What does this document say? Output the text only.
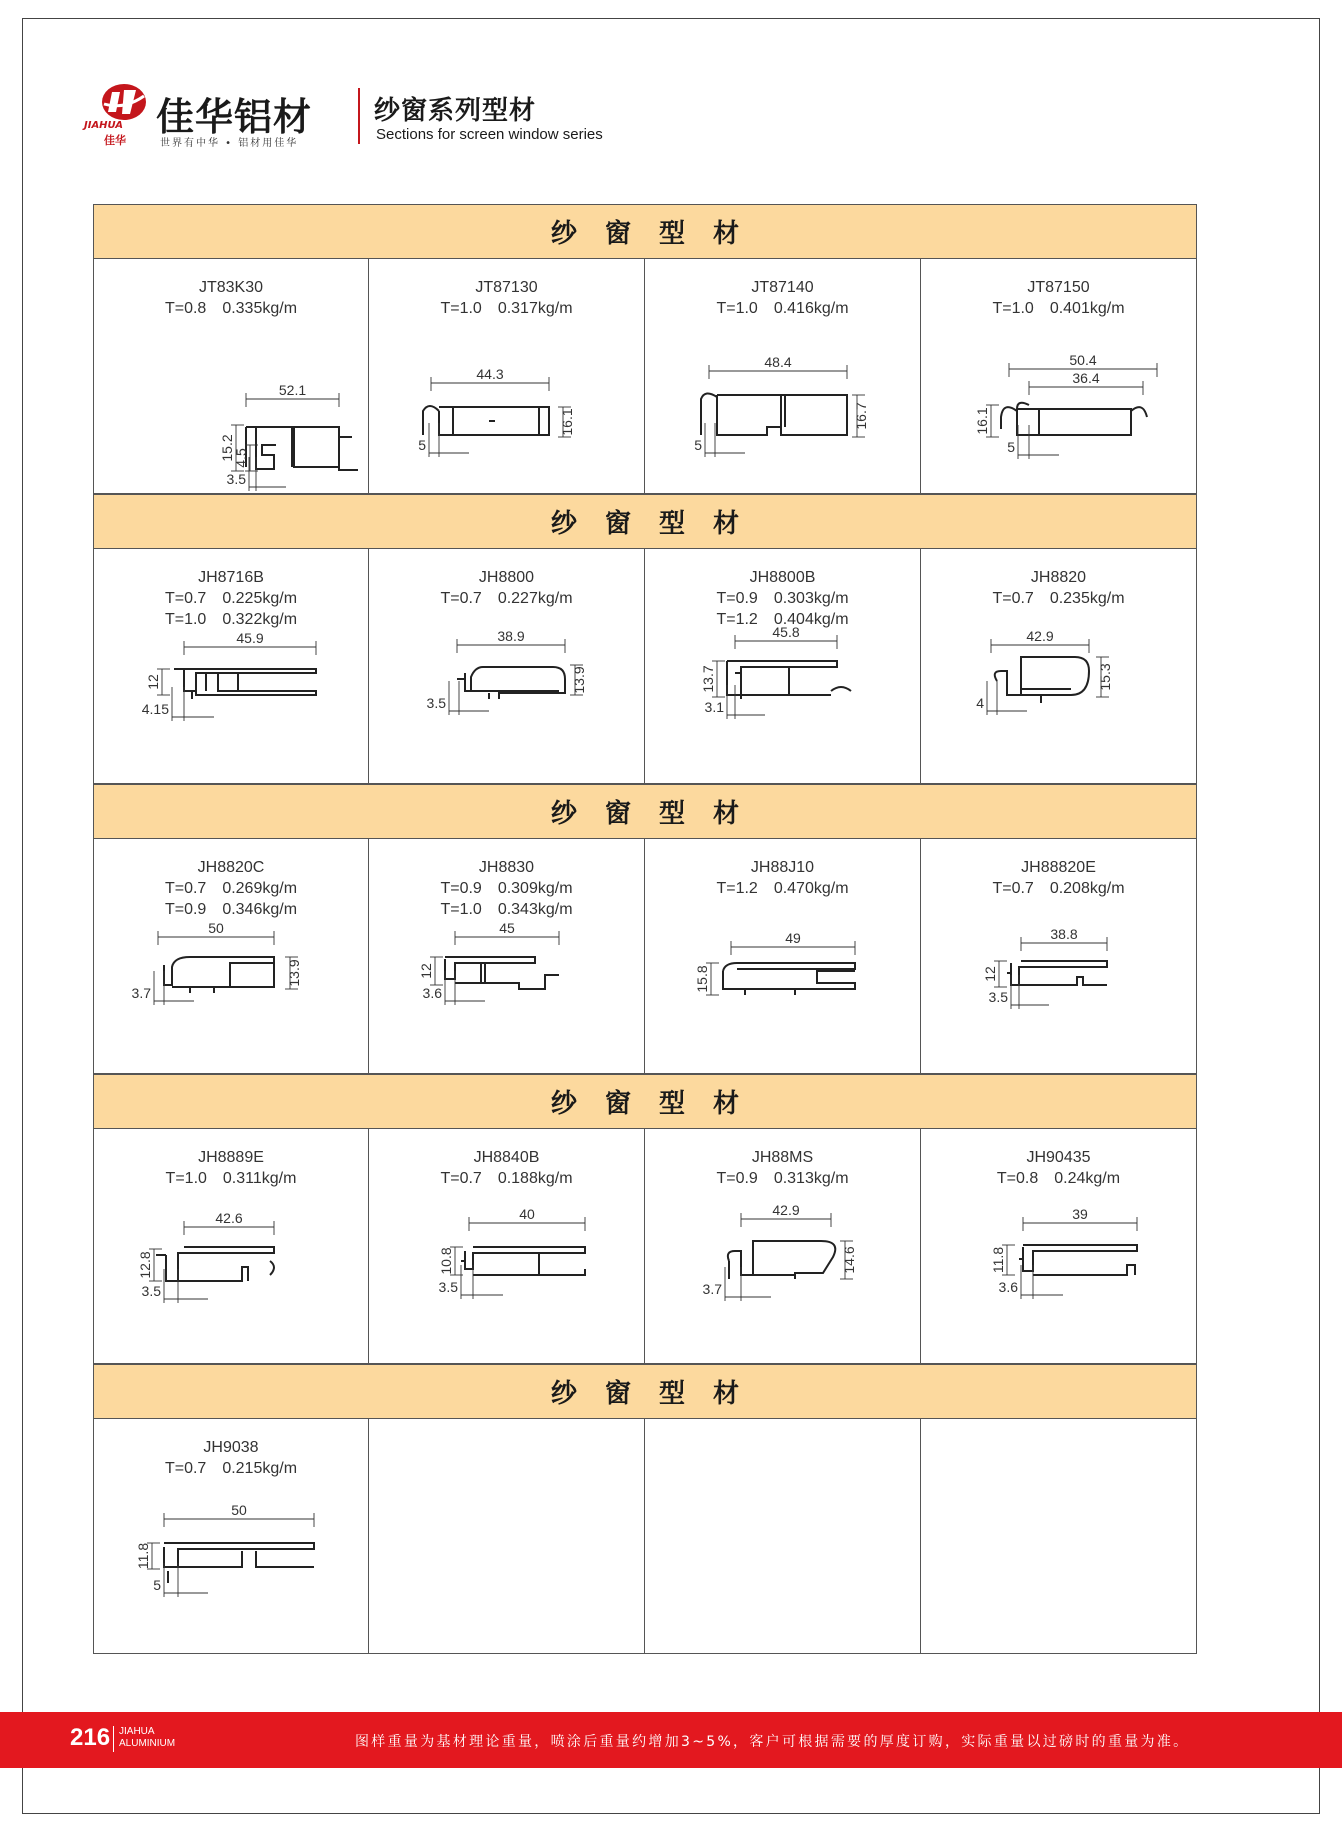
JIAHUA
佳华
佳华铝材
世界有中华 • 铝材用佳华
纱窗系列型材
Sections for screen window series
纱窗型材
JT83K30
T=0.8　0.335kg/m
52.1
15.2
4.5
3.5
JT87130
T=1.0　0.317kg/m
44.3
16.1
5
JT87140
T=1.0　0.416kg/m
48.4
16.7
5
JT87150
T=1.0　0.401kg/m
50.4
36.4
16.1
5
纱窗型材
JH8716B
T=0.7　0.225kg/m
T=1.0　0.322kg/m
45.9
12
4.15
JH8800
T=0.7　0.227kg/m
38.9
13.9
3.5
JH8800B
T=0.9　0.303kg/m
T=1.2　0.404kg/m
45.8
13.7
3.1
JH8820
T=0.7　0.235kg/m
42.9
15.3
4
纱窗型材
JH8820C
T=0.7　0.269kg/m
T=0.9　0.346kg/m
50
13.9
3.7
JH8830
T=0.9　0.309kg/m
T=1.0　0.343kg/m
45
12
3.6
JH88J10
T=1.2　0.470kg/m
49
15.8
JH88820E
T=0.7　0.208kg/m
38.8
12
3.5
纱窗型材
JH8889E
T=1.0　0.311kg/m
42.6
12.8
3.5
JH8840B
T=0.7　0.188kg/m
40
10.8
3.5
JH88MS
T=0.9　0.313kg/m
42.9
14.6
3.7
JH90435
T=0.8　0.24kg/m
39
11.8
3.6
纱窗型材
JH9038
T=0.7　0.215kg/m
50
11.8
5
216 JIAHUA
ALUMINIUM	图样重量为基材理论重量，喷涂后重量约增加3~5%，客户可根据需要的厚度订购，实际重量以过磅时的重量为准。
